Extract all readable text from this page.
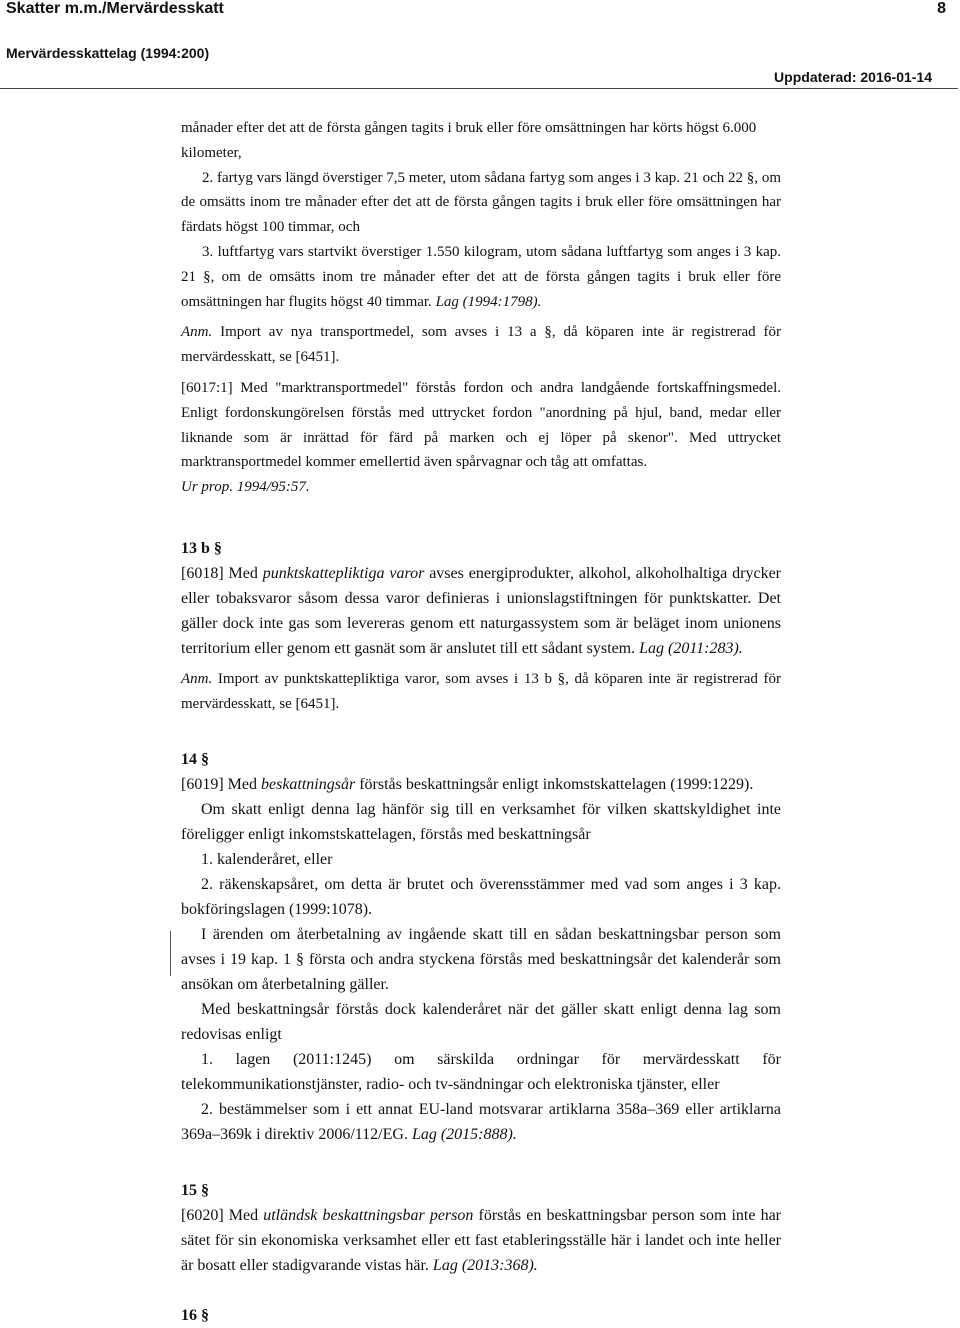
Skatter m.m./Mervärdesskatt	8
Mervärdesskattelag (1994:200)
Uppdaterad: 2016-01-14

månader efter det att de första gången tagits i bruk eller före omsättningen har körts högst 6.000 kilometer,

2. fartyg vars längd överstiger 7,5 meter, utom sådana fartyg som anges i 3 kap. 21 och 22 §, om de omsätts inom tre månader efter det att de första gången tagits i bruk eller före omsättningen har färdats högst 100 timmar, och

3. luftfartyg vars startvikt överstiger 1.550 kilogram, utom sådana luftfartyg som anges i 3 kap. 21 §, om de omsätts inom tre månader efter det att de första gången tagits i bruk eller före omsättningen har flugits högst 40 timmar. Lag (1994:1798).

Anm. Import av nya transportmedel, som avses i 13 a §, då köparen inte är registrerad för mervärdesskatt, se [6451].

[6017:1] Med "marktransportmedel" förstås fordon och andra landgående fortskaffningsmedel. Enligt fordonskungörelsen förstås med uttrycket fordon "anordning på hjul, band, medar eller liknande som är inrättad för färd på marken och ej löper på skenor". Med uttrycket marktransportmedel kommer emellertid även spårvagnar och tåg att omfattas.
Ur prop. 1994/95:57.

13 b §

[6018] Med punktskattepliktiga varor avses energiprodukter, alkohol, alkoholhaltiga drycker eller tobaksvaror såsom dessa varor definieras i unionslagstiftningen för punktskatter. Det gäller dock inte gas som levereras genom ett naturgassystem som är beläget inom unionens territorium eller genom ett gasnät som är anslutet till ett sådant system. Lag (2011:283).

Anm. Import av punktskattepliktiga varor, som avses i 13 b §, då köparen inte är registrerad för mervärdesskatt, se [6451].

14 §

[6019] Med beskattningsår förstås beskattningsår enligt inkomstskattelagen (1999:1229).

Om skatt enligt denna lag hänför sig till en verksamhet för vilken skattskyldighet inte föreligger enligt inkomstskattelagen, förstås med beskattningsår

1. kalenderåret, eller

2. räkenskapsåret, om detta är brutet och överensstämmer med vad som anges i 3 kap. bokföringslagen (1999:1078).

I ärenden om återbetalning av ingående skatt till en sådan beskattningsbar person som avses i 19 kap. 1 § första och andra styckena förstås med beskattningsår det kalenderår som ansökan om återbetalning gäller.

Med beskattningsår förstås dock kalenderåret när det gäller skatt enligt denna lag som redovisas enligt

1. lagen (2011:1245) om särskilda ordningar för mervärdesskatt för telekommunikationstjänster, radio- och tv-sändningar och elektroniska tjänster, eller

2. bestämmelser som i ett annat EU-land motsvarar artiklarna 358a–369 eller artiklarna 369a–369k i direktiv 2006/112/EG. Lag (2015:888).

15 §

[6020] Med utländsk beskattningsbar person förstås en beskattningsbar person som inte har sätet för sin ekonomiska verksamhet eller ett fast etableringsställe här i landet och inte heller är bosatt eller stadigvarande vistas här. Lag (2013:368).

16 §
